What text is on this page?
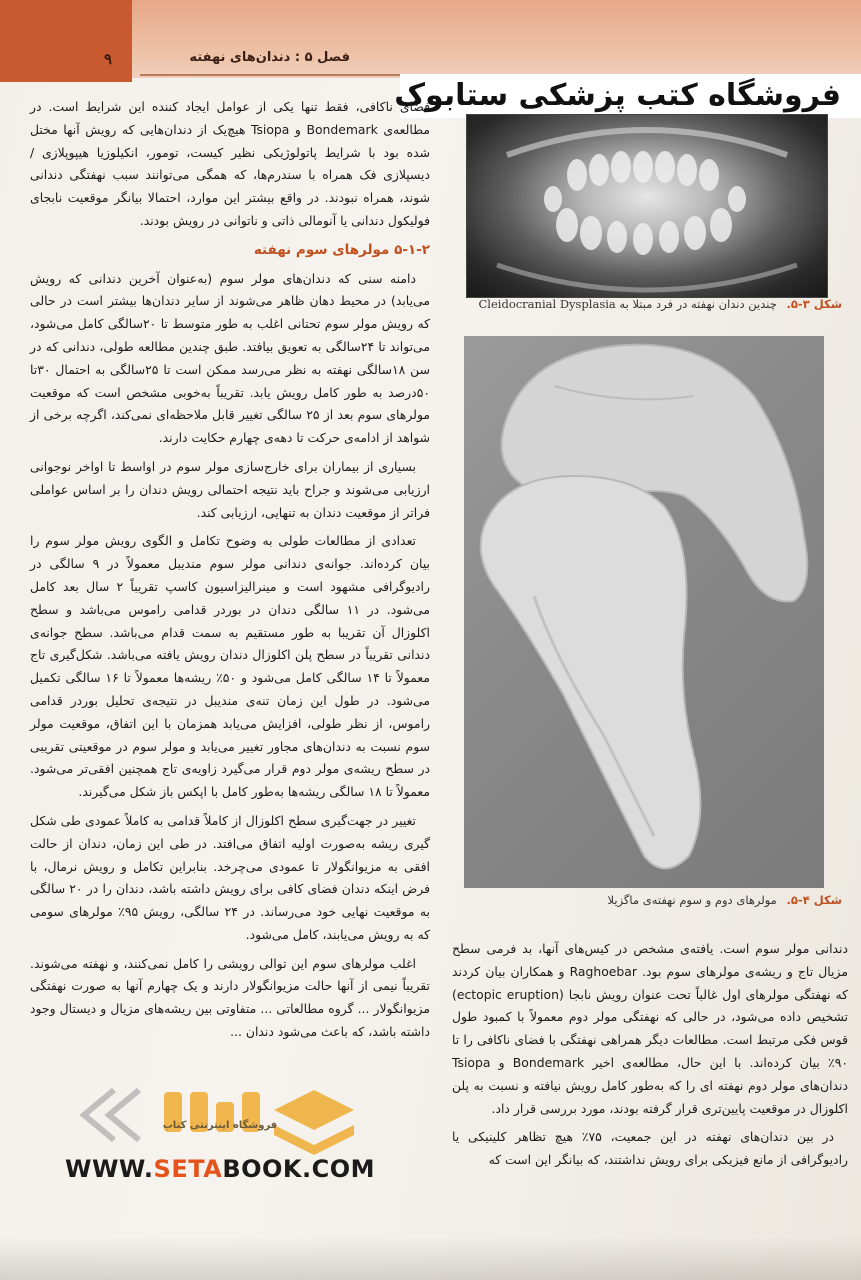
۹	فصل ۵ : دندان‌های نهفته
فروشگاه کتب پزشکی ستابوک

فضای ناکافی، فقط تنها یکی از عوامل ایجاد کننده این شرایط است. در مطالعه‌ی Bondemark و Tsiopa هیچ‌یک از دندان‌هایی که رویش آنها مختل شده بود با شرایط پاتولوژیکی نظیر کیست، تومور، انکیلوزیا هیپوپلازی / دیسپلازی فک همراه با سندرم‌ها، که همگی می‌توانند سبب نهفتگی دندانی شوند، همراه نبودند. در واقع بیشتر این موارد، احتمالا بیانگر موقعیت نابجای فولیکول دندانی یا آنومالی ذاتی و ناتوانی در رویش بودند.

۵-۱-۲ مولرهای سوم نهفته

دامنه سنی که دندان‌های مولر سوم (به‌عنوان آخرین دندانی که رویش می‌یابد) در محیط دهان ظاهر می‌شوند از سایر دندان‌ها بیشتر است در حالی که رویش مولر سوم تحتانی اغلب به طور متوسط تا ۲۰سالگی کامل می‌شود، می‌تواند تا ۲۴سالگی به تعویق بیافتد. طبق چندین مطالعه طولی، دندانی که در سن ۱۸سالگی نهفته به نظر می‌رسد ممکن است تا ۲۵سالگی به احتمال ۳۰تا ۵۰درصد به طور کامل رویش یابد. تقریباً به‌خوبی مشخص است که موقعیت مولرهای سوم بعد از ۲۵ سالگی تغییر قابل ملاحظه‌ای نمی‌کند، اگرچه برخی از شواهد از ادامه‌ی حرکت تا دهه‌ی چهارم حکایت دارند.

بسیاری از بیماران برای خارج‌سازی مولر سوم در اواسط تا اواخر نوجوانی ارزیابی می‌شوند و جراح باید نتیجه احتمالی رویش دندان را بر اساس عواملی فراتر از موقعیت دندان به تنهایی، ارزیابی کند.

تعدادی از مطالعات طولی به وضوح تکامل و الگوی رویش مولر سوم را بیان کرده‌اند. جوانه‌ی دندانی مولر سوم مندیبل معمولاً در ۹ سالگی در رادیوگرافی مشهود است و مینرالیزاسیون کاسپ تقریباً ۲ سال بعد کامل می‌شود. در ۱۱ سالگی دندان در بوردر قدامی راموس می‌باشد و سطح اکلوزال آن تقریبا به طور مستقیم به سمت قدام می‌باشد. سطح جوانه‌ی دندانی تقریباً در سطح پلن اکلوزال دندان رویش یافته می‌باشد. شکل‌گیری تاج معمولاً تا ۱۴ سالگی کامل می‌شود و ۵۰٪ ریشه‌ها معمولاً تا ۱۶ سالگی تکمیل می‌شود. در طول این زمان تنه‌ی مندیبل در نتیجه‌ی تحلیل بوردر قدامی راموس، از نظر طولی، افزایش می‌یابد همزمان با این اتفاق، موقعیت مولر سوم نسبت به دندان‌های مجاور تغییر می‌یابد و مولر سوم در موقعیتی تقریبی در سطح ریشه‌ی مولر دوم قرار می‌گیرد زاویه‌ی تاج همچنین افقی‌تر می‌شود. معمولاً تا ۱۸ سالگی ریشه‌ها به‌طور کامل با اپکس باز شکل می‌گیرند.

تغییر در جهت‌گیری سطح اکلوزال از کاملاً قدامی به کاملاً عمودی طی شکل گیری ریشه به‌صورت اولیه اتفاق می‌افتد. در طی این زمان، دندان از حالت افقی به مزیوانگولار تا عمودی می‌چرخد. بنابراین تکامل و رویش نرمال، با فرض اینکه دندان فضای کافی برای رویش داشته باشد، دندان را در ۲۰ سالگی به موقعیت نهایی خود می‌رساند. در ۲۴ سالگی، رویش ۹۵٪ مولرهای سومی که به رویش می‌یابند، کامل می‌شود.

اغلب مولرهای سوم این توالی رویشی را کامل نمی‌کنند، و نهفته می‌شوند. تقریباً نیمی از آنها حالت مزیوانگولار دارند و یک چهارم آنها به صورت نهفتگی مزیوانگولار ... گروه مطالعاتی ... متفاوتی بین ریشه‌های مزیال و دیستال وجود داشته باشد، که باعث می‌شود دندان ...

شکل ۳-۵. چندین دندان نهفته در فرد مبتلا به Cleidocranial Dysplasia
شکل ۴-۵. مولرهای دوم و سوم نهفته‌ی ماگزیلا

دندانی مولر سوم است. یافته‌ی مشخص در کیس‌های آنها، بد فرمی سطح مزیال تاج و ریشه‌ی مولرهای سوم بود. Raghoebar و همکاران بیان کردند که نهفتگی مولرهای اول غالباً تحت عنوان رویش نابجا (ectopic eruption) تشخیص داده می‌شود، در حالی که نهفتگی مولر دوم معمولاً با کمبود طول قوس فکی مرتبط است. مطالعات دیگر همراهی نهفتگی با فضای ناکافی را تا ۹۰٪ بیان کرده‌اند. با این حال، مطالعه‌ی اخیر Bondemark و Tsiopa دندان‌های مولر دوم نهفته ای را که به‌طور کامل رویش نیافته و نسبت به پلن اکلوزال در موقعیت پایین‌تری قرار گرفته بودند، مورد بررسی قرار داد.

در بین دندان‌های نهفته در این جمعیت، ۷۵٪ هیچ تظاهر کلینیکی یا رادیوگرافی از مانع فیزیکی برای رویش نداشتند، که بیانگر این است که

فروشگاه اینترنتی کتاب
WWW.SETABOOK.COM
